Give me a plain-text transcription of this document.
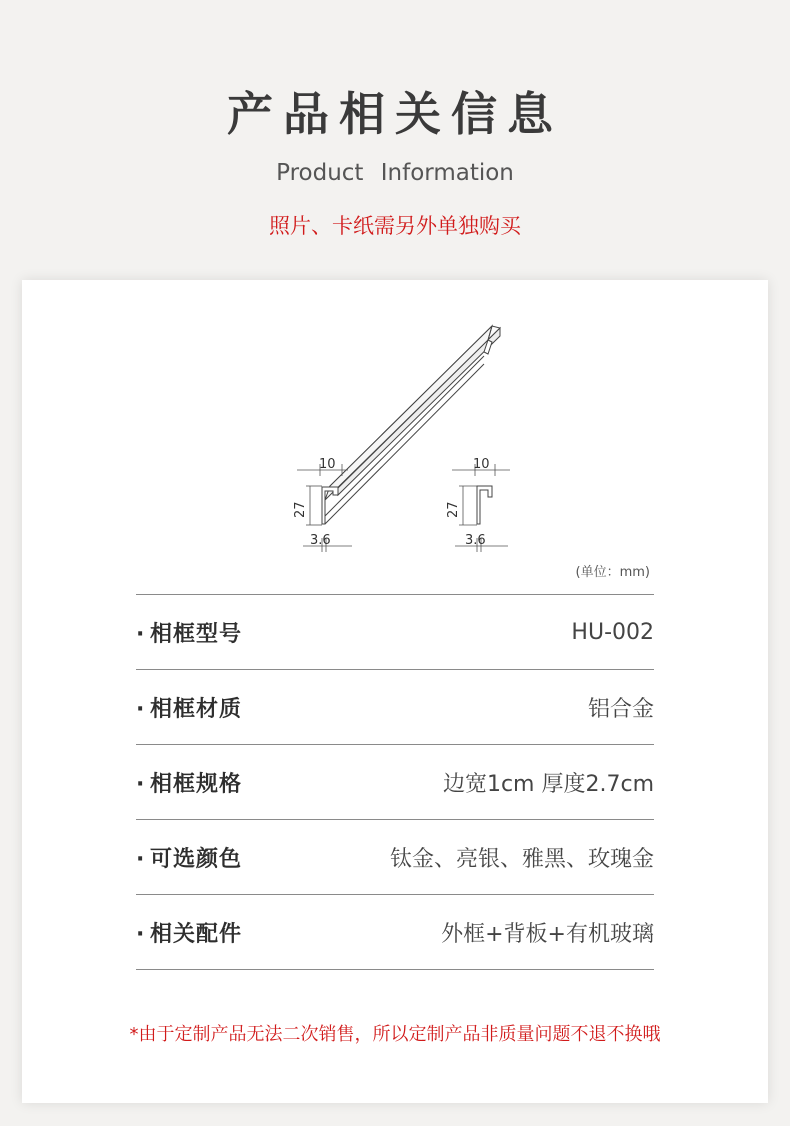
产品相关信息
Product Information
照片、卡纸需另外单独购买
10
27
3.6
10
27
3.6
(单位：mm)
· 相框型号	HU-002
· 相框材质	铝合金
· 相框规格	边宽1cm 厚度2.7cm
· 可选颜色	钛金、亮银、雅黑、玫瑰金
· 相关配件	外框+背板+有机玻璃
*由于定制产品无法二次销售，所以定制产品非质量问题不退不换哦
